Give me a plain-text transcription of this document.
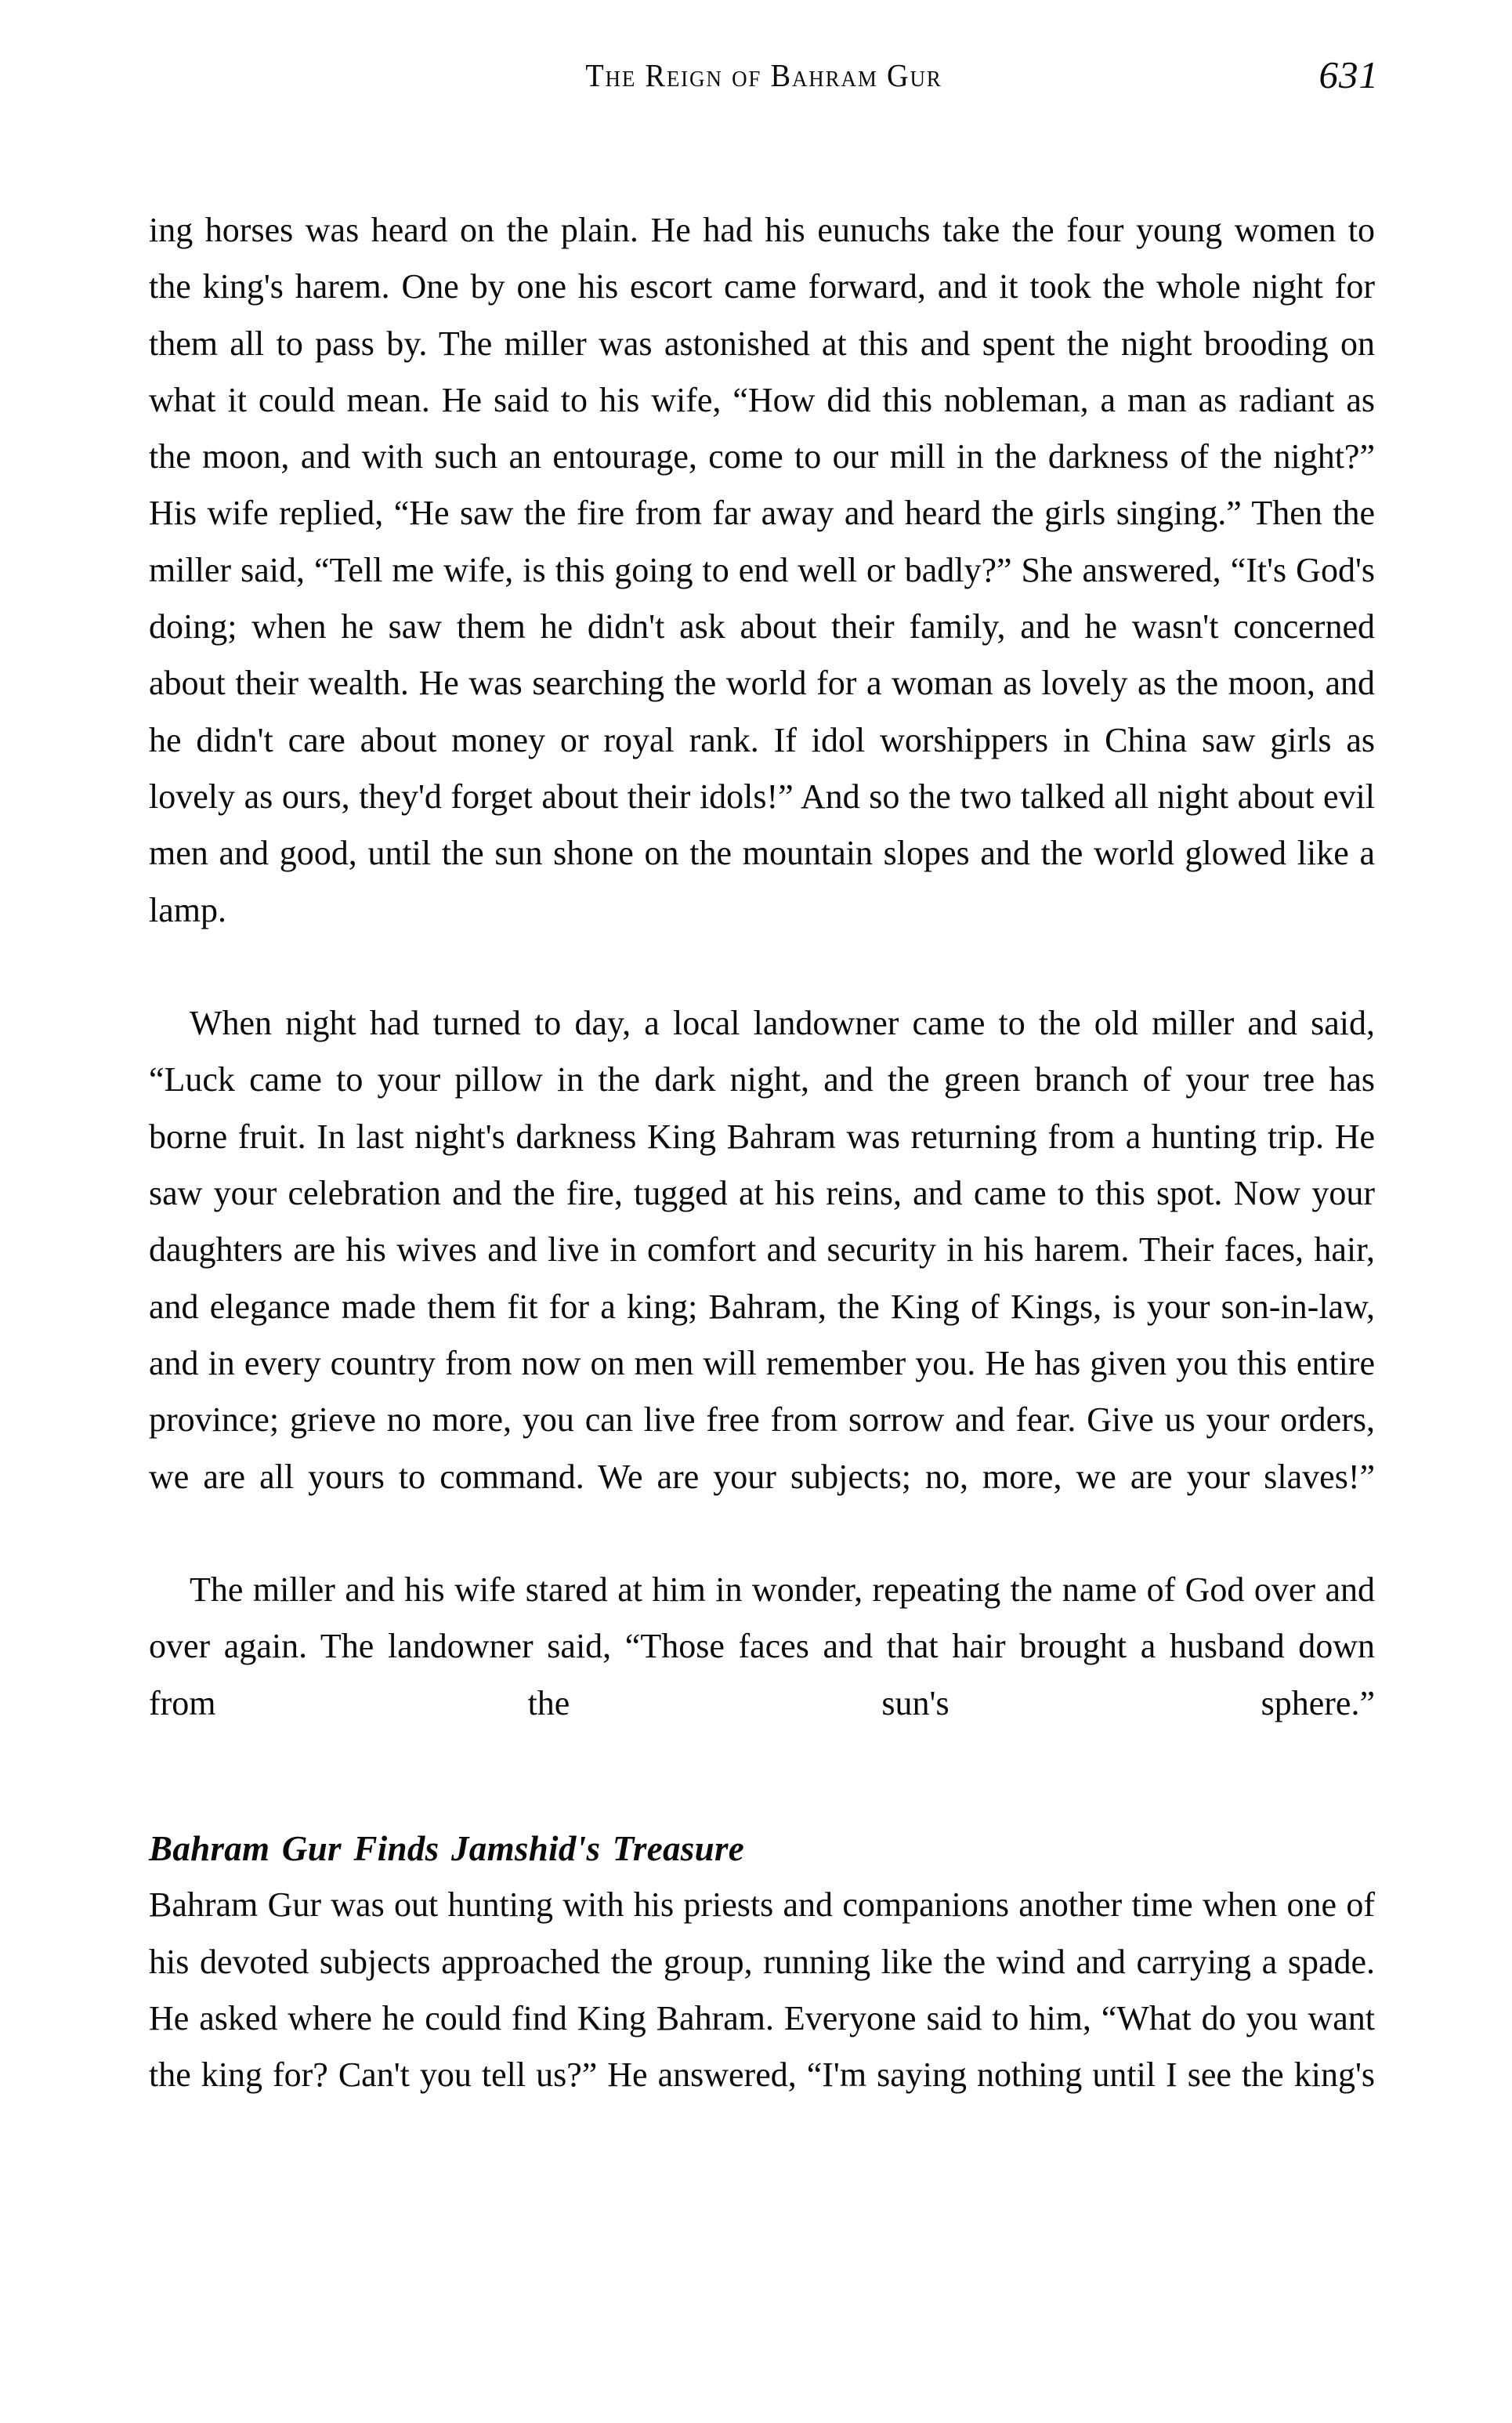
The Reign of Bahram Gur	631

ing horses was heard on the plain. He had his eunuchs take the four young women to the king's harem. One by one his escort came forward, and it took the whole night for them all to pass by. The miller was astonished at this and spent the night brooding on what it could mean. He said to his wife, “How did this nobleman, a man as radiant as the moon, and with such an entourage, come to our mill in the darkness of the night?” His wife replied, “He saw the fire from far away and heard the girls singing.” Then the miller said, “Tell me wife, is this going to end well or badly?” She answered, “It's God's doing; when he saw them he didn't ask about their family, and he wasn't concerned about their wealth. He was searching the world for a woman as lovely as the moon, and he didn't care about money or royal rank. If idol worshippers in China saw girls as lovely as ours, they'd forget about their idols!” And so the two talked all night about evil men and good, until the sun shone on the mountain slopes and the world glowed like a lamp.

When night had turned to day, a local landowner came to the old miller and said, “Luck came to your pillow in the dark night, and the green branch of your tree has borne fruit. In last night's darkness King Bahram was returning from a hunting trip. He saw your celebration and the fire, tugged at his reins, and came to this spot. Now your daughters are his wives and live in comfort and security in his harem. Their faces, hair, and elegance made them fit for a king; Bahram, the King of Kings, is your son-in-law, and in every country from now on men will remember you. He has given you this entire province; grieve no more, you can live free from sorrow and fear. Give us your orders, we are all yours to command. We are your subjects; no, more, we are your slaves!”

The miller and his wife stared at him in wonder, repeating the name of God over and over again. The landowner said, “Those faces and that hair brought a husband down from the sun's sphere.”

Bahram Gur Finds Jamshid's Treasure

Bahram Gur was out hunting with his priests and companions another time when one of his devoted subjects approached the group, running like the wind and carrying a spade. He asked where he could find King Bahram. Everyone said to him, “What do you want the king for? Can't you tell us?” He answered, “I'm saying nothing until I see the king's
